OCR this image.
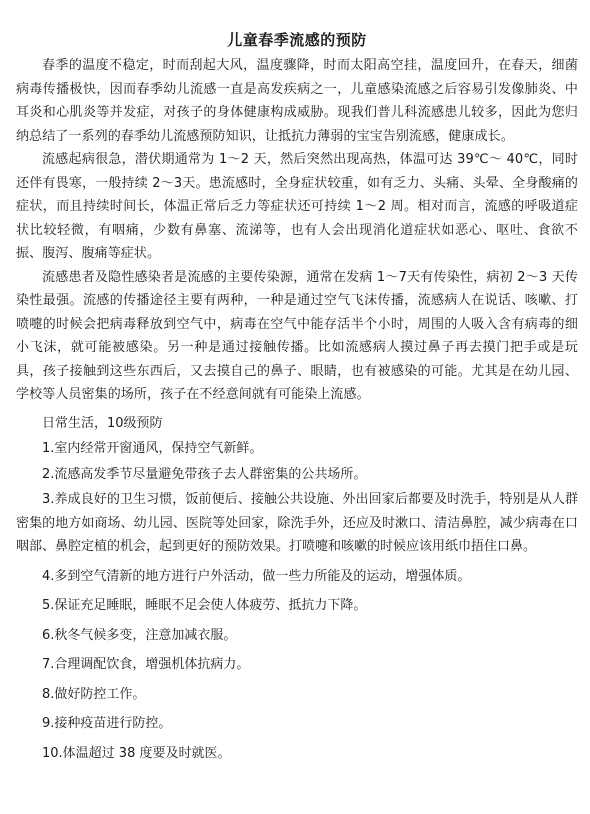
儿童春季流感的预防

春季的温度不稳定，时而刮起大风，温度骤降，时而太阳高空挂，温度回升，在春天，细菌病毒传播极快，因而春季幼儿流感一直是高发疾病之一，儿童感染流感之后容易引发像肺炎、中耳炎和心肌炎等并发症，对孩子的身体健康构成威胁。现我们普儿科流感患儿较多，因此为您归纳总结了一系列的春季幼儿流感预防知识，让抵抗力薄弱的宝宝告别流感，健康成长。

流感起病很急，潜伏期通常为 1～2 天，然后突然出现高热，体温可达 39℃～ 40℃，同时还伴有畏寒，一般持续 2～3天。患流感时，全身症状较重，如有乏力、头痛、头晕、全身酸痛的症状，而且持续时间长，体温正常后乏力等症状还可持续 1～2 周。相对而言，流感的呼吸道症状比较轻微，有咽痛，少数有鼻塞、流涕等，也有人会出现消化道症状如恶心、呕吐、食欲不振、腹泻、腹痛等症状。

流感患者及隐性感染者是流感的主要传染源，通常在发病 1～7天有传染性，病初 2～3 天传染性最强。流感的传播途径主要有两种，一种是通过空气飞沫传播，流感病人在说话、咳嗽、打喷嚏的时候会把病毒释放到空气中，病毒在空气中能存活半个小时，周围的人吸入含有病毒的细小飞沫，就可能被感染。另一种是通过接触传播。比如流感病人摸过鼻子再去摸门把手或是玩具，孩子接触到这些东西后，又去摸自己的鼻子、眼睛，也有被感染的可能。尤其是在幼儿园、学校等人员密集的场所，孩子在不经意间就有可能染上流感。

日常生活，10级预防

1.室内经常开窗通风，保持空气新鲜。

2.流感高发季节尽量避免带孩子去人群密集的公共场所。

3.养成良好的卫生习惯，饭前便后、接触公共设施、外出回家后都要及时洗手，特别是从人群密集的地方如商场、幼儿园、医院等处回家，除洗手外，还应及时漱口、清洁鼻腔，减少病毒在口咽部、鼻腔定植的机会，起到更好的预防效果。打喷嚏和咳嗽的时候应该用纸巾捂住口鼻。

4.多到空气清新的地方进行户外活动，做一些力所能及的运动，增强体质。

5.保证充足睡眠，睡眠不足会使人体疲劳、抵抗力下降。

6.秋冬气候多变，注意加减衣服。

7.合理调配饮食，增强机体抗病力。

8.做好防控工作。

9.接种疫苗进行防控。

10.体温超过 38 度要及时就医。
